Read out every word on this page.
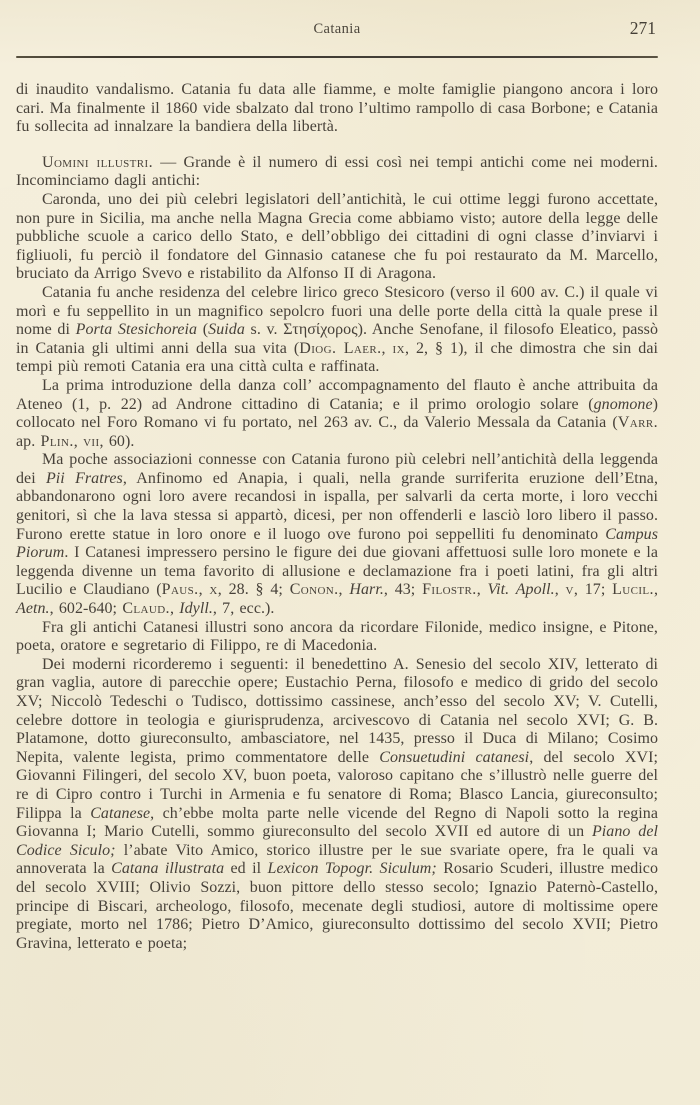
Catania	271

di inaudito vandalismo. Catania fu data alle fiamme, e molte famiglie piangono ancora i loro cari. Ma finalmente il 1860 vide sbalzato dal trono l’ultimo rampollo di casa Borbone; e Catania fu sollecita ad innalzare la bandiera della libertà.

Uomini illustri. — Grande è il numero di essi così nei tempi antichi come nei moderni. Incominciamo dagli antichi:

Caronda, uno dei più celebri legislatori dell’antichità, le cui ottime leggi furono accettate, non pure in Sicilia, ma anche nella Magna Grecia come abbiamo visto; autore della legge delle pubbliche scuole a carico dello Stato, e dell’obbligo dei cittadini di ogni classe d’inviarvi i figliuoli, fu perciò il fondatore del Ginnasio catanese che fu poi restaurato da M. Marcello, bruciato da Arrigo Svevo e ristabilito da Alfonso II di Aragona.

Catania fu anche residenza del celebre lirico greco Stesicoro (verso il 600 av. C.) il quale vi morì e fu seppellito in un magnifico sepolcro fuori una delle porte della città la quale prese il nome di Porta Stesichoreia (Suida s. v. Στησίχορος). Anche Senofane, il filosofo Eleatico, passò in Catania gli ultimi anni della sua vita (Diog. Laer., ix, 2, § 1), il che dimostra che sin dai tempi più remoti Catania era una città culta e raffinata.

La prima introduzione della danza coll’ accompagnamento del flauto è anche attribuita da Ateneo (1, p. 22) ad Androne cittadino di Catania; e il primo orologio solare (gnomone) collocato nel Foro Romano vi fu portato, nel 263 av. C., da Valerio Messala da Catania (Varr. ap. Plin., vii, 60).

Ma poche associazioni connesse con Catania furono più celebri nell’antichità della leggenda dei Pii Fratres, Anfinomo ed Anapia, i quali, nella grande surriferita eruzione dell’Etna, abbandonarono ogni loro avere recandosi in ispalla, per salvarli da certa morte, i loro vecchi genitori, sì che la lava stessa si appartò, dicesi, per non offenderli e lasciò loro libero il passo. Furono erette statue in loro onore e il luogo ove furono poi seppelliti fu denominato Campus Piorum. I Catanesi impressero persino le figure dei due giovani affettuosi sulle loro monete e la leggenda divenne un tema favorito di allusione e declamazione fra i poeti latini, fra gli altri Lucilio e Claudiano (Paus., x, 28. § 4; Conon., Harr., 43; Filostr., Vit. Apoll., v, 17; Lucil., Aetn., 602-640; Claud., Idyll., 7, ecc.).

Fra gli antichi Catanesi illustri sono ancora da ricordare Filonide, medico insigne, e Pitone, poeta, oratore e segretario di Filippo, re di Macedonia.

Dei moderni ricorderemo i seguenti: il benedettino A. Senesio del secolo XIV, letterato di gran vaglia, autore di parecchie opere; Eustachio Perna, filosofo e medico di grido del secolo XV; Niccolò Tedeschi o Tudisco, dottissimo cassinese, anch’esso del secolo XV; V. Cutelli, celebre dottore in teologia e giurisprudenza, arcivescovo di Catania nel secolo XVI; G. B. Platamone, dotto giureconsulto, ambasciatore, nel 1435, presso il Duca di Milano; Cosimo Nepita, valente legista, primo commentatore delle Consuetudini catanesi, del secolo XVI; Giovanni Filingeri, del secolo XV, buon poeta, valoroso capitano che s’illustrò nelle guerre del re di Cipro contro i Turchi in Armenia e fu senatore di Roma; Blasco Lancia, giureconsulto; Filippa la Catanese, ch’ebbe molta parte nelle vicende del Regno di Napoli sotto la regina Giovanna I; Mario Cutelli, sommo giureconsulto del secolo XVII ed autore di un Piano del Codice Siculo; l’abate Vito Amico, storico illustre per le sue svariate opere, fra le quali va annoverata la Catana illustrata ed il Lexicon Topogr. Siculum; Rosario Scuderi, illustre medico del secolo XVIII; Olivio Sozzi, buon pittore dello stesso secolo; Ignazio Paternò-Castello, principe di Biscari, archeologo, filosofo, mecenate degli studiosi, autore di moltissime opere pregiate, morto nel 1786; Pietro D’Amico, giureconsulto dottissimo del secolo XVII; Pietro Gravina, letterato e poeta;
